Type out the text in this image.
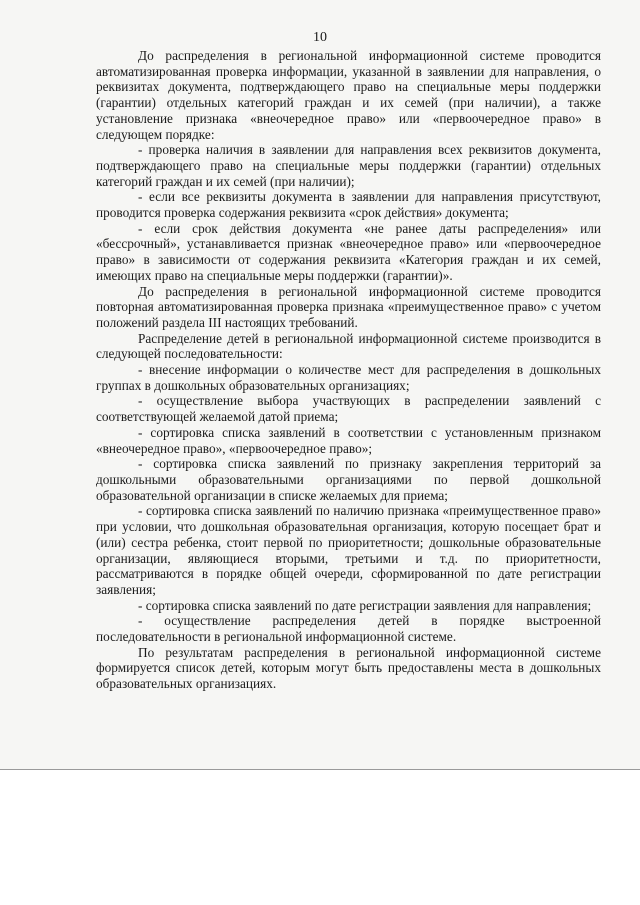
10

До распределения в региональной информационной системе проводится автоматизированная проверка информации, указанной в заявлении для направления, о реквизитах документа, подтверждающего право на специальные меры поддержки (гарантии) отдельных категорий граждан и их семей (при наличии), а также установление признака «внеочередное право» или «первоочередное право» в следующем порядке:

- проверка наличия в заявлении для направления всех реквизитов документа, подтверждающего право на специальные меры поддержки (гарантии) отдельных категорий граждан и их семей (при наличии);

- если все реквизиты документа в заявлении для направления присутствуют, проводится проверка содержания реквизита «срок действия» документа;

- если срок действия документа «не ранее даты распределения» или «бессрочный», устанавливается признак «внеочередное право» или «первоочередное право» в зависимости от содержания реквизита «Категория граждан и их семей, имеющих право на специальные меры поддержки (гарантии)».

До распределения в региональной информационной системе проводится повторная автоматизированная проверка признака «преимущественное право» с учетом положений раздела III настоящих требований.

Распределение детей в региональной информационной системе производится в следующей последовательности:

- внесение информации о количестве мест для распределения в дошкольных группах в дошкольных образовательных организациях;

- осуществление выбора участвующих в распределении заявлений с соответствующей желаемой датой приема;

- сортировка списка заявлений в соответствии с установленным признаком «внеочередное право», «первоочередное право»;

- сортировка списка заявлений по признаку закрепления территорий за дошкольными образовательными организациями по первой дошкольной образовательной организации в списке желаемых для приема;

- сортировка списка заявлений по наличию признака «преимущественное право» при условии, что дошкольная образовательная организация, которую посещает брат и (или) сестра ребенка, стоит первой по приоритетности; дошкольные образовательные организации, являющиеся вторыми, третьими и т.д. по приоритетности, рассматриваются в порядке общей очереди, сформированной по дате регистрации заявления;

- сортировка списка заявлений по дате регистрации заявления для направления;

- осуществление распределения детей в порядке выстроенной последовательности в региональной информационной системе.

По результатам распределения в региональной информационной системе формируется список детей, которым могут быть предоставлены места в дошкольных образовательных организациях.
